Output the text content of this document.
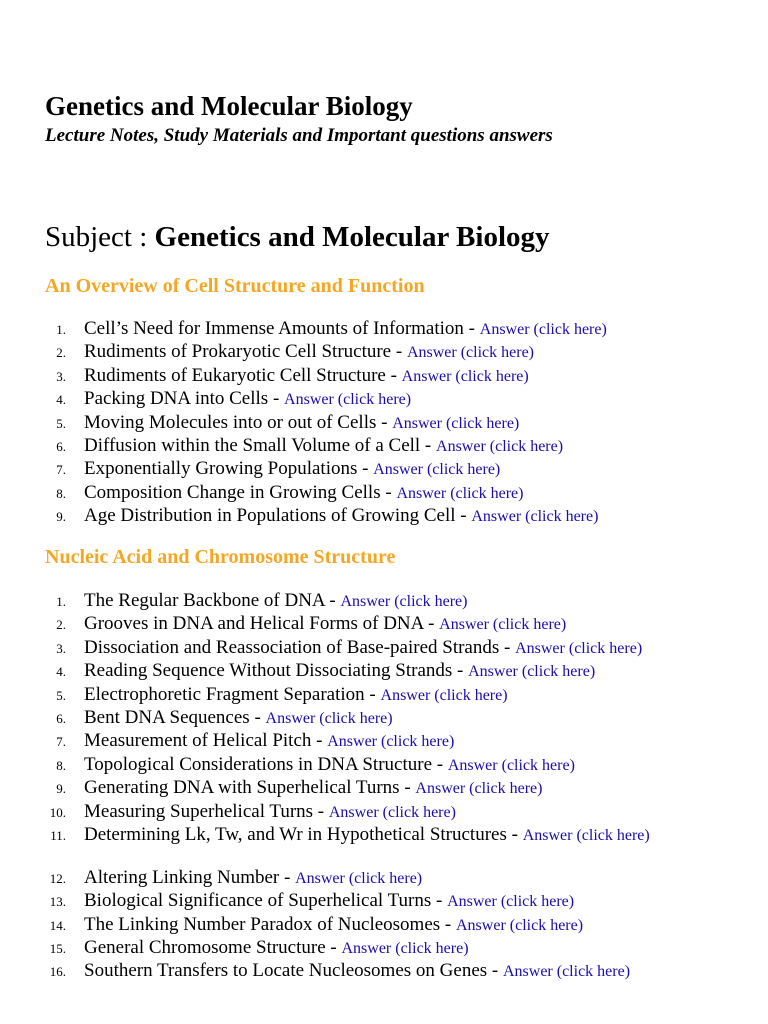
Genetics and Molecular Biology

Lecture Notes, Study Materials and Important questions answers

Subject : Genetics and Molecular Biology

An Overview of Cell Structure and Function
1. Cell’s Need for Immense Amounts of Information - Answer (click here)
2. Rudiments of Prokaryotic Cell Structure - Answer (click here)
3. Rudiments of Eukaryotic Cell Structure - Answer (click here)
4. Packing DNA into Cells - Answer (click here)
5. Moving Molecules into or out of Cells - Answer (click here)
6. Diffusion within the Small Volume of a Cell - Answer (click here)
7. Exponentially Growing Populations - Answer (click here)
8. Composition Change in Growing Cells - Answer (click here)
9. Age Distribution in Populations of Growing Cell - Answer (click here)
Nucleic Acid and Chromosome Structure
1. The Regular Backbone of DNA - Answer (click here)
2. Grooves in DNA and Helical Forms of DNA - Answer (click here)
3. Dissociation and Reassociation of Base-paired Strands - Answer (click here)
4. Reading Sequence Without Dissociating Strands - Answer (click here)
5. Electrophoretic Fragment Separation - Answer (click here)
6. Bent DNA Sequences - Answer (click here)
7. Measurement of Helical Pitch - Answer (click here)
8. Topological Considerations in DNA Structure - Answer (click here)
9. Generating DNA with Superhelical Turns - Answer (click here)
10. Measuring Superhelical Turns - Answer (click here)
11. Determining Lk, Tw, and Wr in Hypothetical Structures - Answer (click here)
12. Altering Linking Number - Answer (click here)
13. Biological Significance of Superhelical Turns - Answer (click here)
14. The Linking Number Paradox of Nucleosomes - Answer (click here)
15. General Chromosome Structure - Answer (click here)
16. Southern Transfers to Locate Nucleosomes on Genes - Answer (click here)
